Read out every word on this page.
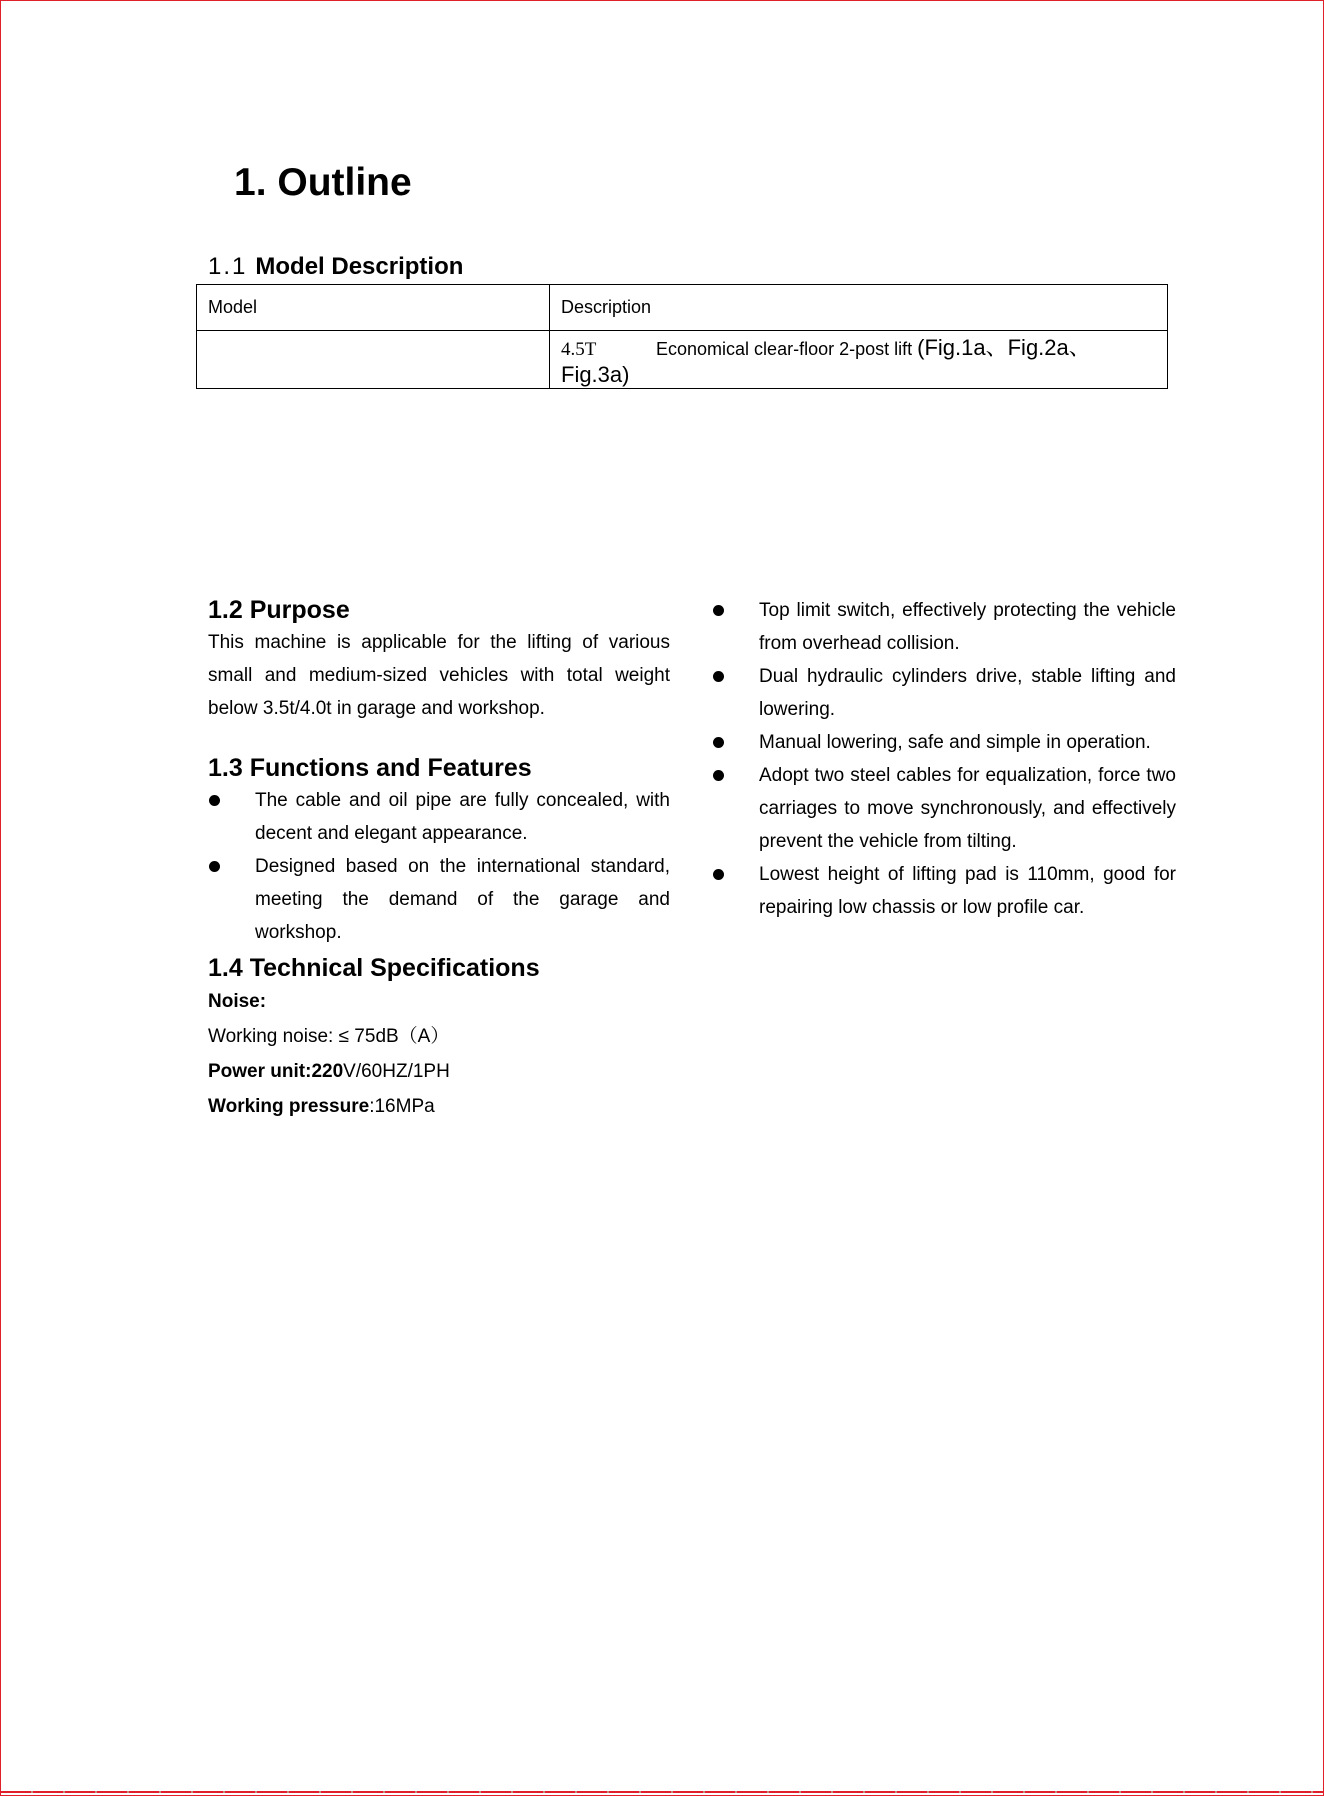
1. Outline
1.1 Model Description
Model	Description
	4.5T Economical clear-floor 2-post lift (Fig.1a、Fig.2a、Fig.3a)
1.2 Purpose

This machine is applicable for the lifting of various small and medium-sized vehicles with total weight below 3.5t/4.0t in garage and workshop.

1.3 Functions and Features
The cable and oil pipe are fully concealed, with decent and elegant appearance.
Designed based on the international standard, meeting the demand of the garage and workshop.
Top limit switch, effectively protecting the vehicle from overhead collision.
Dual hydraulic cylinders drive, stable lifting and lowering.
Manual lowering, safe and simple in operation.
Adopt two steel cables for equalization, force two carriages to move synchronously, and effectively prevent the vehicle from tilting.
Lowest height of lifting pad is 110mm, good for repairing low chassis or low profile car.
1.4 Technical Specifications
Noise:
Working noise: ≤ 75dB（A）
Power unit:220V/60HZ/1PH
Working pressure:16MPa
